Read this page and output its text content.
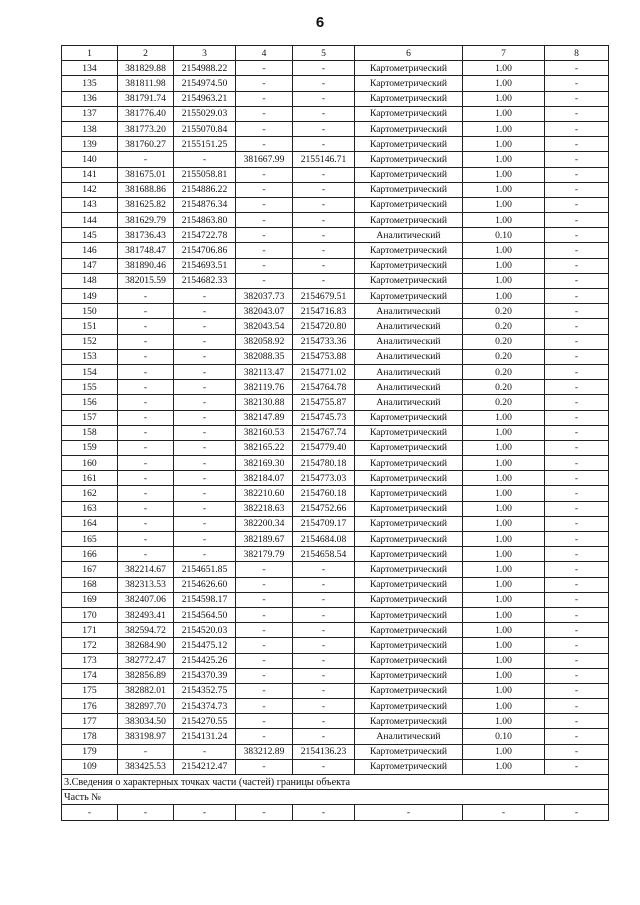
6
1	2	3	4	5	6	7	8
134	381829.88	2154988.22	-	-	Картометрический	1.00	-
135	381811.98	2154974.50	-	-	Картометрический	1.00	-
136	381791.74	2154963.21	-	-	Картометрический	1.00	-
137	381776.40	2155029.03	-	-	Картометрический	1.00	-
138	381773.20	2155070.84	-	-	Картометрический	1.00	-
139	381760.27	2155151.25	-	-	Картометрический	1.00	-
140	-	-	381667.99	2155146.71	Картометрический	1.00	-
141	381675.01	2155058.81	-	-	Картометрический	1.00	-
142	381688.86	2154886.22	-	-	Картометрический	1.00	-
143	381625.82	2154876.34	-	-	Картометрический	1.00	-
144	381629.79	2154863.80	-	-	Картометрический	1.00	-
145	381736.43	2154722.78	-	-	Аналитический	0.10	-
146	381748.47	2154706.86	-	-	Картометрический	1.00	-
147	381890.46	2154693.51	-	-	Картометрический	1.00	-
148	382015.59	2154682.33	-	-	Картометрический	1.00	-
149	-	-	382037.73	2154679.51	Картометрический	1.00	-
150	-	-	382043.07	2154716.83	Аналитический	0.20	-
151	-	-	382043.54	2154720.80	Аналитический	0.20	-
152	-	-	382058.92	2154733.36	Аналитический	0.20	-
153	-	-	382088.35	2154753.88	Аналитический	0.20	-
154	-	-	382113.47	2154771.02	Аналитический	0.20	-
155	-	-	382119.76	2154764.78	Аналитический	0.20	-
156	-	-	382130.88	2154755.87	Аналитический	0.20	-
157	-	-	382147.89	2154745.73	Картометрический	1.00	-
158	-	-	382160.53	2154767.74	Картометрический	1.00	-
159	-	-	382165.22	2154779.40	Картометрический	1.00	-
160	-	-	382169.30	2154780.18	Картометрический	1.00	-
161	-	-	382184.07	2154773.03	Картометрический	1.00	-
162	-	-	382210.60	2154760.18	Картометрический	1.00	-
163	-	-	382218.63	2154752.66	Картометрический	1.00	-
164	-	-	382200.34	2154709.17	Картометрический	1.00	-
165	-	-	382189.67	2154684.08	Картометрический	1.00	-
166	-	-	382179.79	2154658.54	Картометрический	1.00	-
167	382214.67	2154651.85	-	-	Картометрический	1.00	-
168	382313.53	2154626.60	-	-	Картометрический	1.00	-
169	382407.06	2154598.17	-	-	Картометрический	1.00	-
170	382493.41	2154564.50	-	-	Картометрический	1.00	-
171	382594.72	2154520.03	-	-	Картометрический	1.00	-
172	382684.90	2154475.12	-	-	Картометрический	1.00	-
173	382772.47	2154425.26	-	-	Картометрический	1.00	-
174	382856.89	2154370.39	-	-	Картометрический	1.00	-
175	382882.01	2154352.75	-	-	Картометрический	1.00	-
176	382897.70	2154374.73	-	-	Картометрический	1.00	-
177	383034.50	2154270.55	-	-	Картометрический	1.00	-
178	383198.97	2154131.24	-	-	Аналитический	0.10	-
179	-	-	383212.89	2154136.23	Картометрический	1.00	-
109	383425.53	2154212.47	-	-	Картометрический	1.00	-
3.Сведения о характерных точках части (частей) границы объекта							
Часть №							
-	-	-	-	-	-	-	-
